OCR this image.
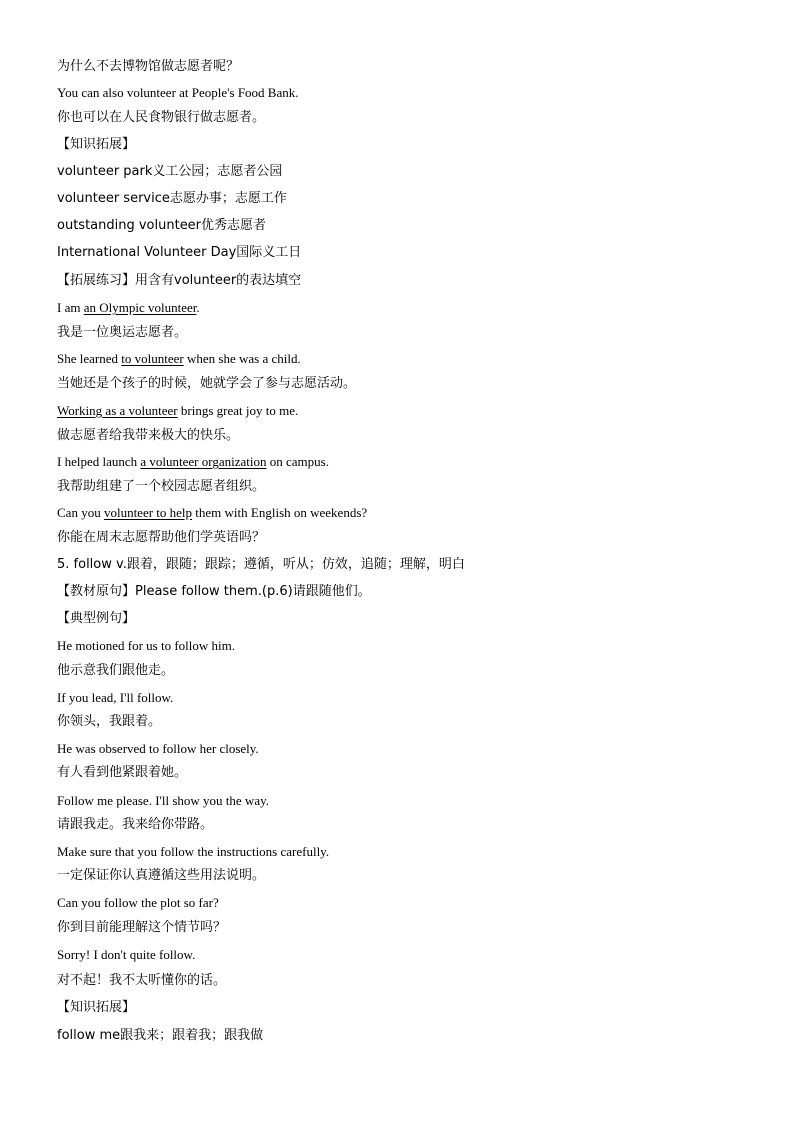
为什么不去博物馆做志愿者呢？
You can also volunteer at People's Food Bank.
你也可以在人民食物银行做志愿者。
【知识拓展】
volunteer park义工公园；志愿者公园
volunteer service志愿办事；志愿工作
outstanding volunteer优秀志愿者
International Volunteer Day国际义工日
【拓展练习】用含有volunteer的表达填空
I am an Olympic volunteer.
我是一位奥运志愿者。
She learned to volunteer when she was a child.
当她还是个孩子的时候，她就学会了参与志愿活动。
Working as a volunteer brings great joy to me.
做志愿者给我带来极大的快乐。
I helped launch a volunteer organization on campus.
我帮助组建了一个校园志愿者组织。
Can you volunteer to help them with English on weekends?
你能在周末志愿帮助他们学英语吗？
5. follow v.跟着，跟随；跟踪；遵循，听从；仿效，追随；理解，明白
【教材原句】Please follow them.(p.6)请跟随他们。
【典型例句】
He motioned for us to follow him.
他示意我们跟他走。
If you lead, I'll follow.
你领头，我跟着。
He was observed to follow her closely.
有人看到他紧跟着她。
Follow me please. I'll show you the way.
请跟我走。我来给你带路。
Make sure that you follow the instructions carefully.
一定保证你认真遵循这些用法说明。
Can you follow the plot so far?
你到目前能理解这个情节吗？
Sorry! I don't quite follow.
对不起！我不太听懂你的话。
【知识拓展】
follow me跟我来；跟着我；跟我做
